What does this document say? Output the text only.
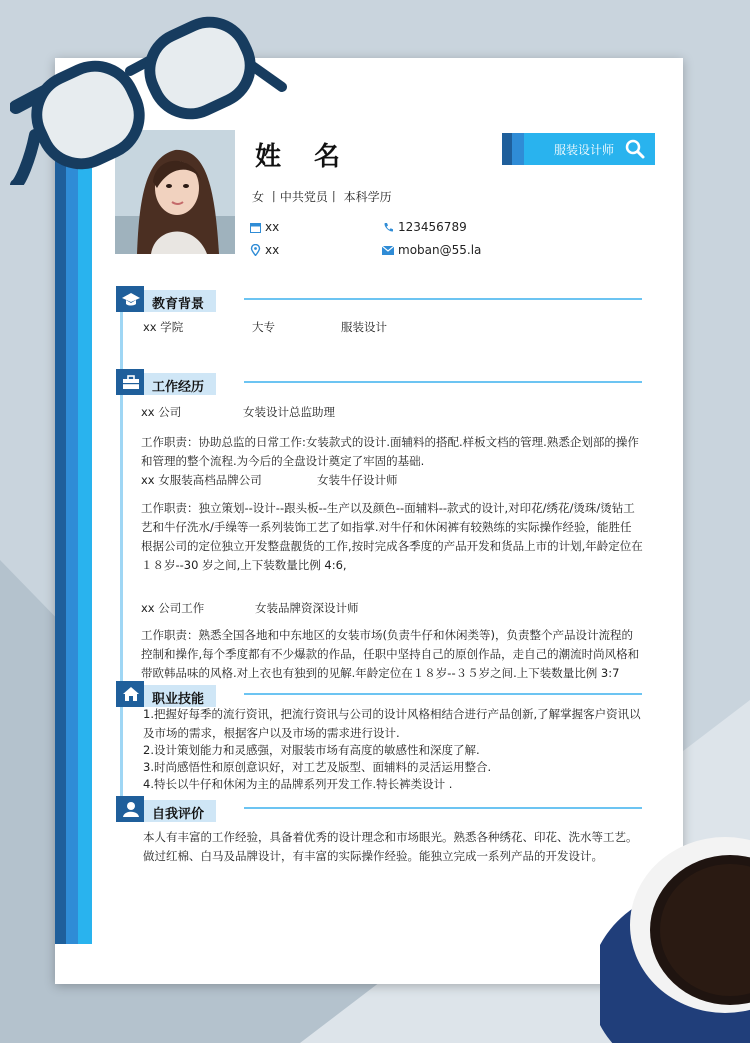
姓 名	服装设计师
女 丨中共党员丨 本科学历
xx	123456789
xx	moban@55.la
教育背景
xx 学院	大专	服装设计
工作经历
xx 公司	女装设计总监助理
工作职责：协助总监的日常工作:女装款式的设计.面辅料的搭配.样板文档的管理.熟悉企划部的操作和管理的整个流程.为今后的全盘设计奠定了牢固的基础.
xx 女服装高档品牌公司	女装牛仔设计师
工作职责：独立策划--设计--跟头板--生产以及颜色--面辅料--款式的设计,对印花/绣花/烫珠/烫钻工艺和牛仔洗水/手缲等一系列装饰工艺了如指掌.对牛仔和休闲裤有较熟练的实际操作经验，能胜任根据公司的定位独立开发整盘靓货的工作,按时完成各季度的产品开发和货品上市的计划,年龄定位在１８岁--30 岁之间,上下装数量比例 4:6,
xx 公司工作	女装品牌资深设计师
工作职责：熟悉全国各地和中东地区的女装市场(负责牛仔和休闲类等)，负责整个产品设计流程的控制和操作,每个季度都有不少爆款的作品，任职中坚持自己的原创作品，走自己的潮流时尚风格和带欧韩品味的风格.对上衣也有独到的见解.年龄定位在１８岁--３５岁之间.上下装数量比例 3:7
职业技能
1.把握好每季的流行资讯，把流行资讯与公司的设计风格相结合进行产品创新,了解掌握客户资讯以及市场的需求，根据客户以及市场的需求进行设计.
2.设计策划能力和灵感强，对服装市场有高度的敏感性和深度了解.
3.时尚感悟性和原创意识好，对工艺及版型、面辅料的灵活运用整合.
4.特长以牛仔和休闲为主的品牌系列开发工作.特长裤类设计 .
自我评价
本人有丰富的工作经验，具备着优秀的设计理念和市场眼光。熟悉各种绣花、印花、洗水等工艺。做过红棉、白马及品牌设计，有丰富的实际操作经验。能独立完成一系列产品的开发设计。
